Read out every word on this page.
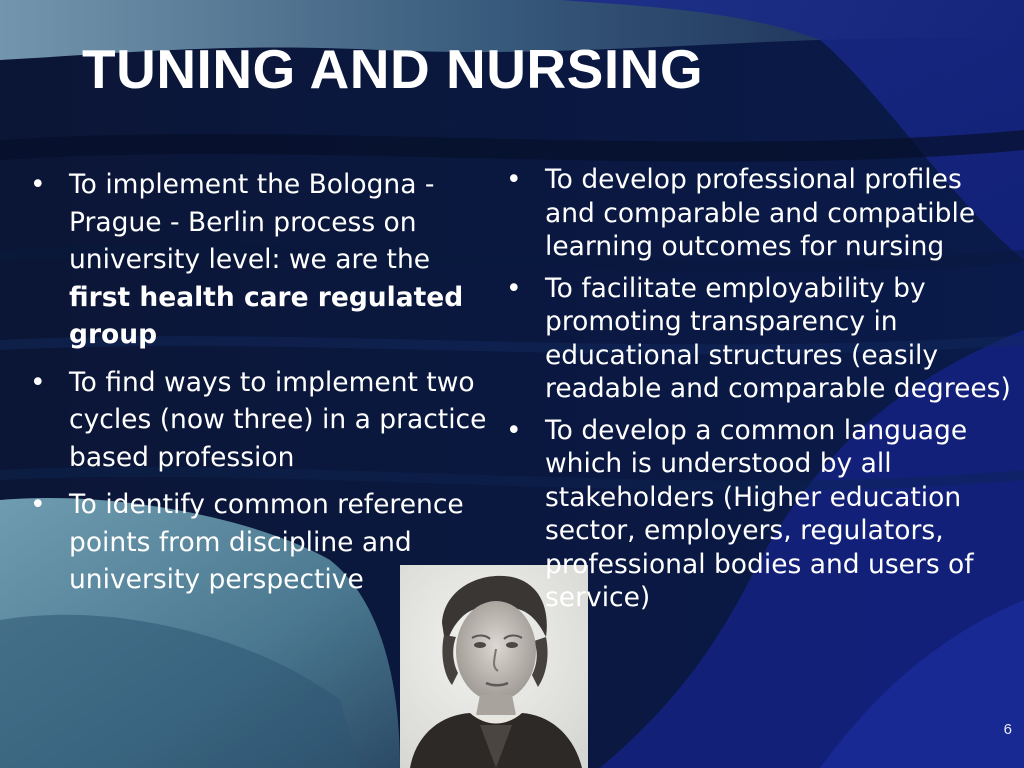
TUNING AND NURSING
• To implement the Bologna - Prague - Berlin process on university level: we are the first health care regulated group
• To find ways to implement two cycles (now three) in a practice based profession
• To identify common reference points from discipline and university perspective
• To develop professional profiles and comparable and compatible learning outcomes for nursing
• To facilitate employability by promoting transparency in educational structures (easily readable and comparable degrees)
• To develop a common language which is understood by all stakeholders (Higher education sector, employers, regulators, professional bodies and users of service)
6
